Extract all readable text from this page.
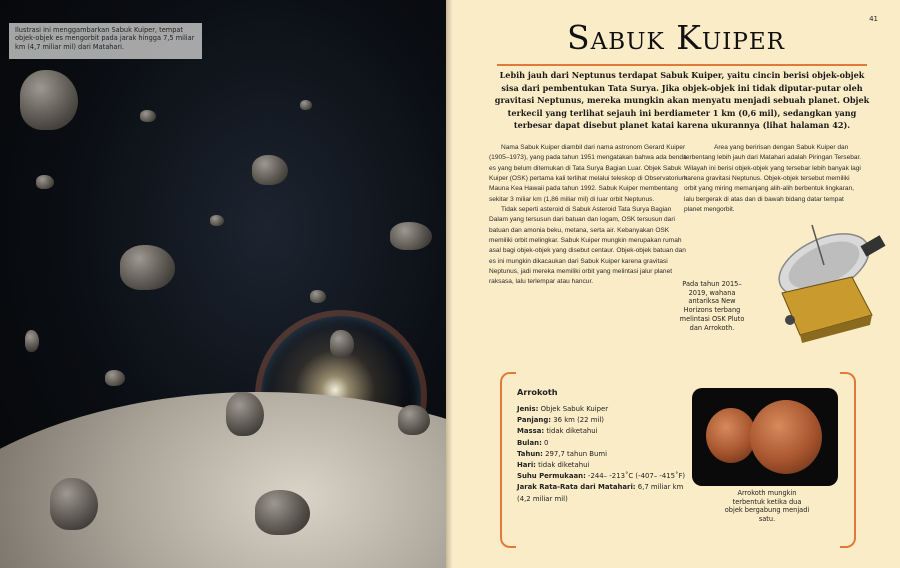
Ilustrasi ini menggambarkan Sabuk Kuiper, tempat objek-objek es mengorbit pada jarak hingga 7,5 miliar km (4,7 miliar mil) dari Matahari.
41
Sabuk Kuiper
Lebih jauh dari Neptunus terdapat Sabuk Kuiper, yaitu cincin berisi objek-objek sisa dari pembentukan Tata Surya. Jika objek-objek ini tidak diputar-putar oleh gravitasi Neptunus, mereka mungkin akan menyatu menjadi sebuah planet. Objek terkecil yang terlihat sejauh ini berdiameter 1 km (0,6 mil), sedangkan yang terbesar dapat disebut planet katai karena ukurannya (lihat halaman 42).

Nama Sabuk Kuiper diambil dari nama astronom Gerard Kuiper (1905–1973), yang pada tahun 1951 mengatakan bahwa ada benda es yang belum ditemukan di Tata Surya Bagian Luar. Objek Sabuk Kuiper (OSK) pertama kali terlihat melalui teleskop di Observatorium Mauna Kea Hawaii pada tahun 1992. Sabuk Kuiper membentang sekitar 3 miliar km (1,86 miliar mil) di luar orbit Neptunus.

Tidak seperti asteroid di Sabuk Asteroid Tata Surya Bagian Dalam yang tersusun dari batuan dan logam, OSK tersusun dari batuan dan amonia beku, metana, serta air. Kebanyakan OSK memiliki orbit melingkar. Sabuk Kuiper mungkin merupakan rumah asal bagi objek-objek yang disebut centaur. Objek-objek batuan dan es ini mungkin dikacaukan dari Sabuk Kuiper karena gravitasi Neptunus, jadi mereka memiliki orbit yang melintasi jalur planet raksasa, lalu terlempar atau hancur.

Area yang beririsan dengan Sabuk Kuiper dan terbentang lebih jauh dari Matahari adalah Piringan Tersebar. Wilayah ini berisi objek-objek yang tersebar lebih banyak lagi karena gravitasi Neptunus. Objek-objek tersebut memiliki orbit yang miring memanjang alih-alih berbentuk lingkaran, lalu bergerak di atas dan di bawah bidang datar tempat planet mengorbit.

Pada tahun 2015–2019, wahana antariksa New Horizons terbang melintasi OSK Pluto dan Arrokoth.
Arrokoth
Jenis: Objek Sabuk Kuiper
Panjang: 36 km (22 mil)
Massa: tidak diketahui
Bulan: 0
Tahun: 297,7 tahun Bumi
Hari: tidak diketahui
Suhu Permukaan: -244– -213˚C (-407– -415˚F)
Jarak Rata-Rata dari Matahari: 6,7 miliar km (4,2 miliar mil)
Arrokoth mungkin terbentuk ketika dua objek bergabung menjadi satu.
